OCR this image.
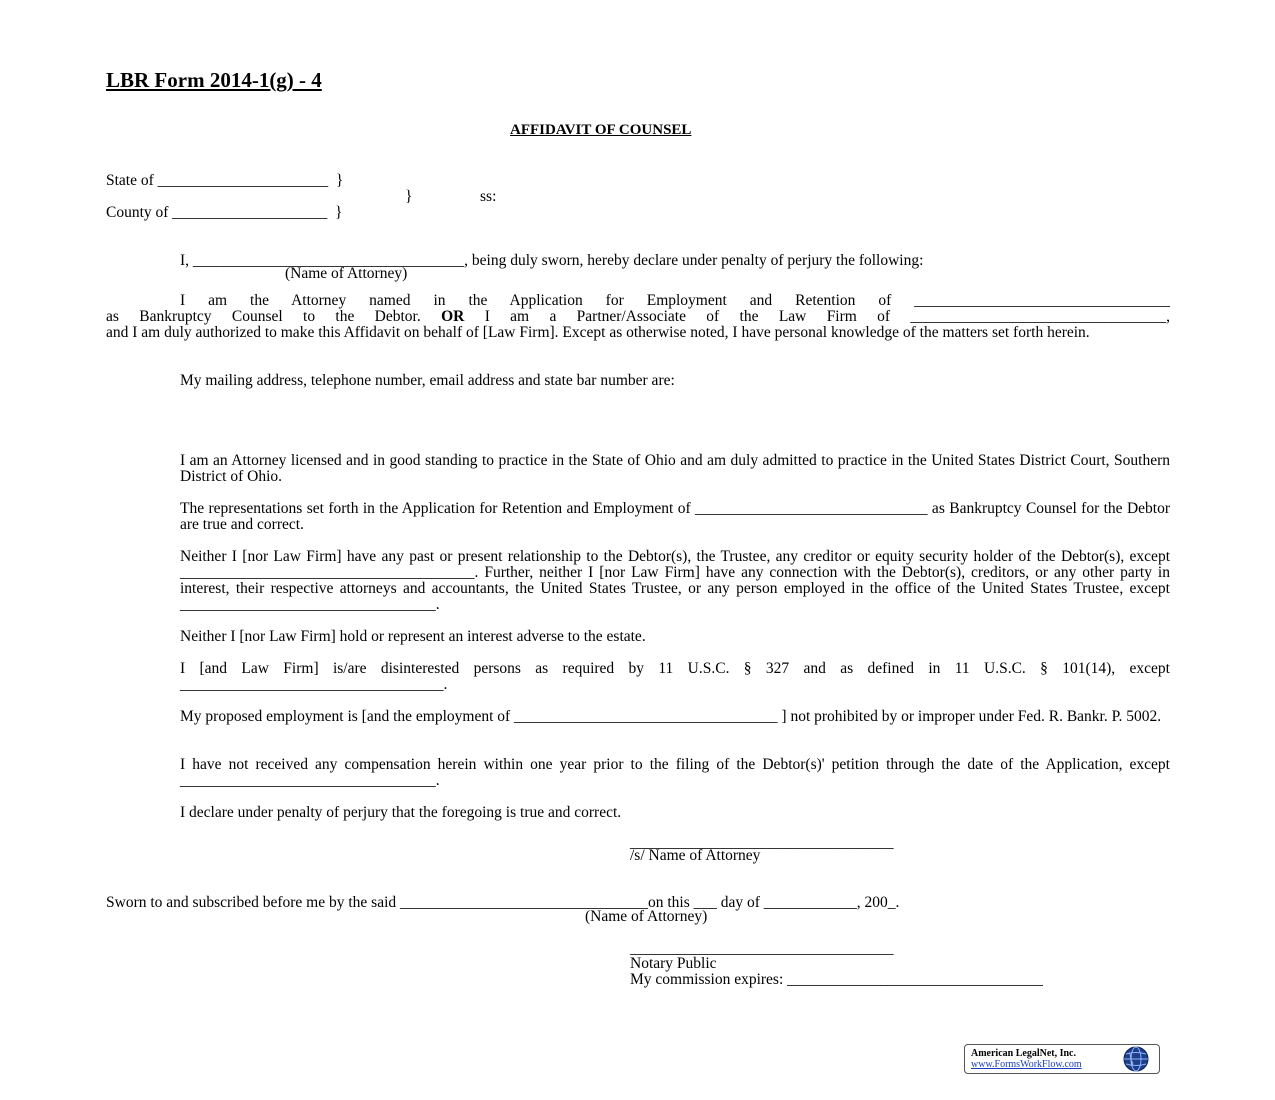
LBR Form 2014-1(g) - 4
AFFIDAVIT OF COUNSEL
State of ______________________  }
}	ss:
County of ____________________  }
I, ___________________________________, being duly sworn, hereby declare under penalty of perjury the following:
(Name of Attorney)
I am the Attorney named in the Application for Employment and Retention of _________________________________
as Bankruptcy Counsel to the Debtor. OR I am a Partner/Associate of the Law Firm of _________________________________,
and I am duly authorized to make this Affidavit on behalf of [Law Firm]. Except as otherwise noted, I have personal knowledge of the matters set forth herein.
My mailing address, telephone number, email address and state bar number are:
I am an Attorney licensed and in good standing to practice in the State of Ohio and am duly admitted to practice in the United States District Court, Southern District of Ohio.
The representations set forth in the Application for Retention and Employment of ______________________________ as Bankruptcy Counsel for the Debtor are true and correct.
Neither I [nor Law Firm] have any past or present relationship to the Debtor(s), the Trustee, any creditor or equity security holder of the Debtor(s), except ______________________________________. Further, neither I [nor Law Firm] have any connection with the Debtor(s), creditors, or any other party in interest, their respective attorneys and accountants, the United States Trustee, or any person employed in the office of the United States Trustee, except _________________________________.
Neither I [nor Law Firm] hold or represent an interest adverse to the estate.
I [and Law Firm] is/are disinterested persons as required by 11 U.S.C. § 327 and as defined in 11 U.S.C. § 101(14), except __________________________________.
My proposed employment is [and the employment of __________________________________ ] not prohibited by or improper under Fed. R. Bankr. P. 5002.
I have not received any compensation herein within one year prior to the filing of the Debtor(s)' petition through the date of the Application, except _________________________________.
I declare under penalty of perjury that the foregoing is true and correct.
__________________________________
/s/ Name of Attorney
Sworn to and subscribed before me by the said ________________________________on this ___ day of ____________, 200_.
(Name of Attorney)
__________________________________
Notary Public
My commission expires: _________________________________
American LegalNet, Inc.
www.FormsWorkFlow.com
